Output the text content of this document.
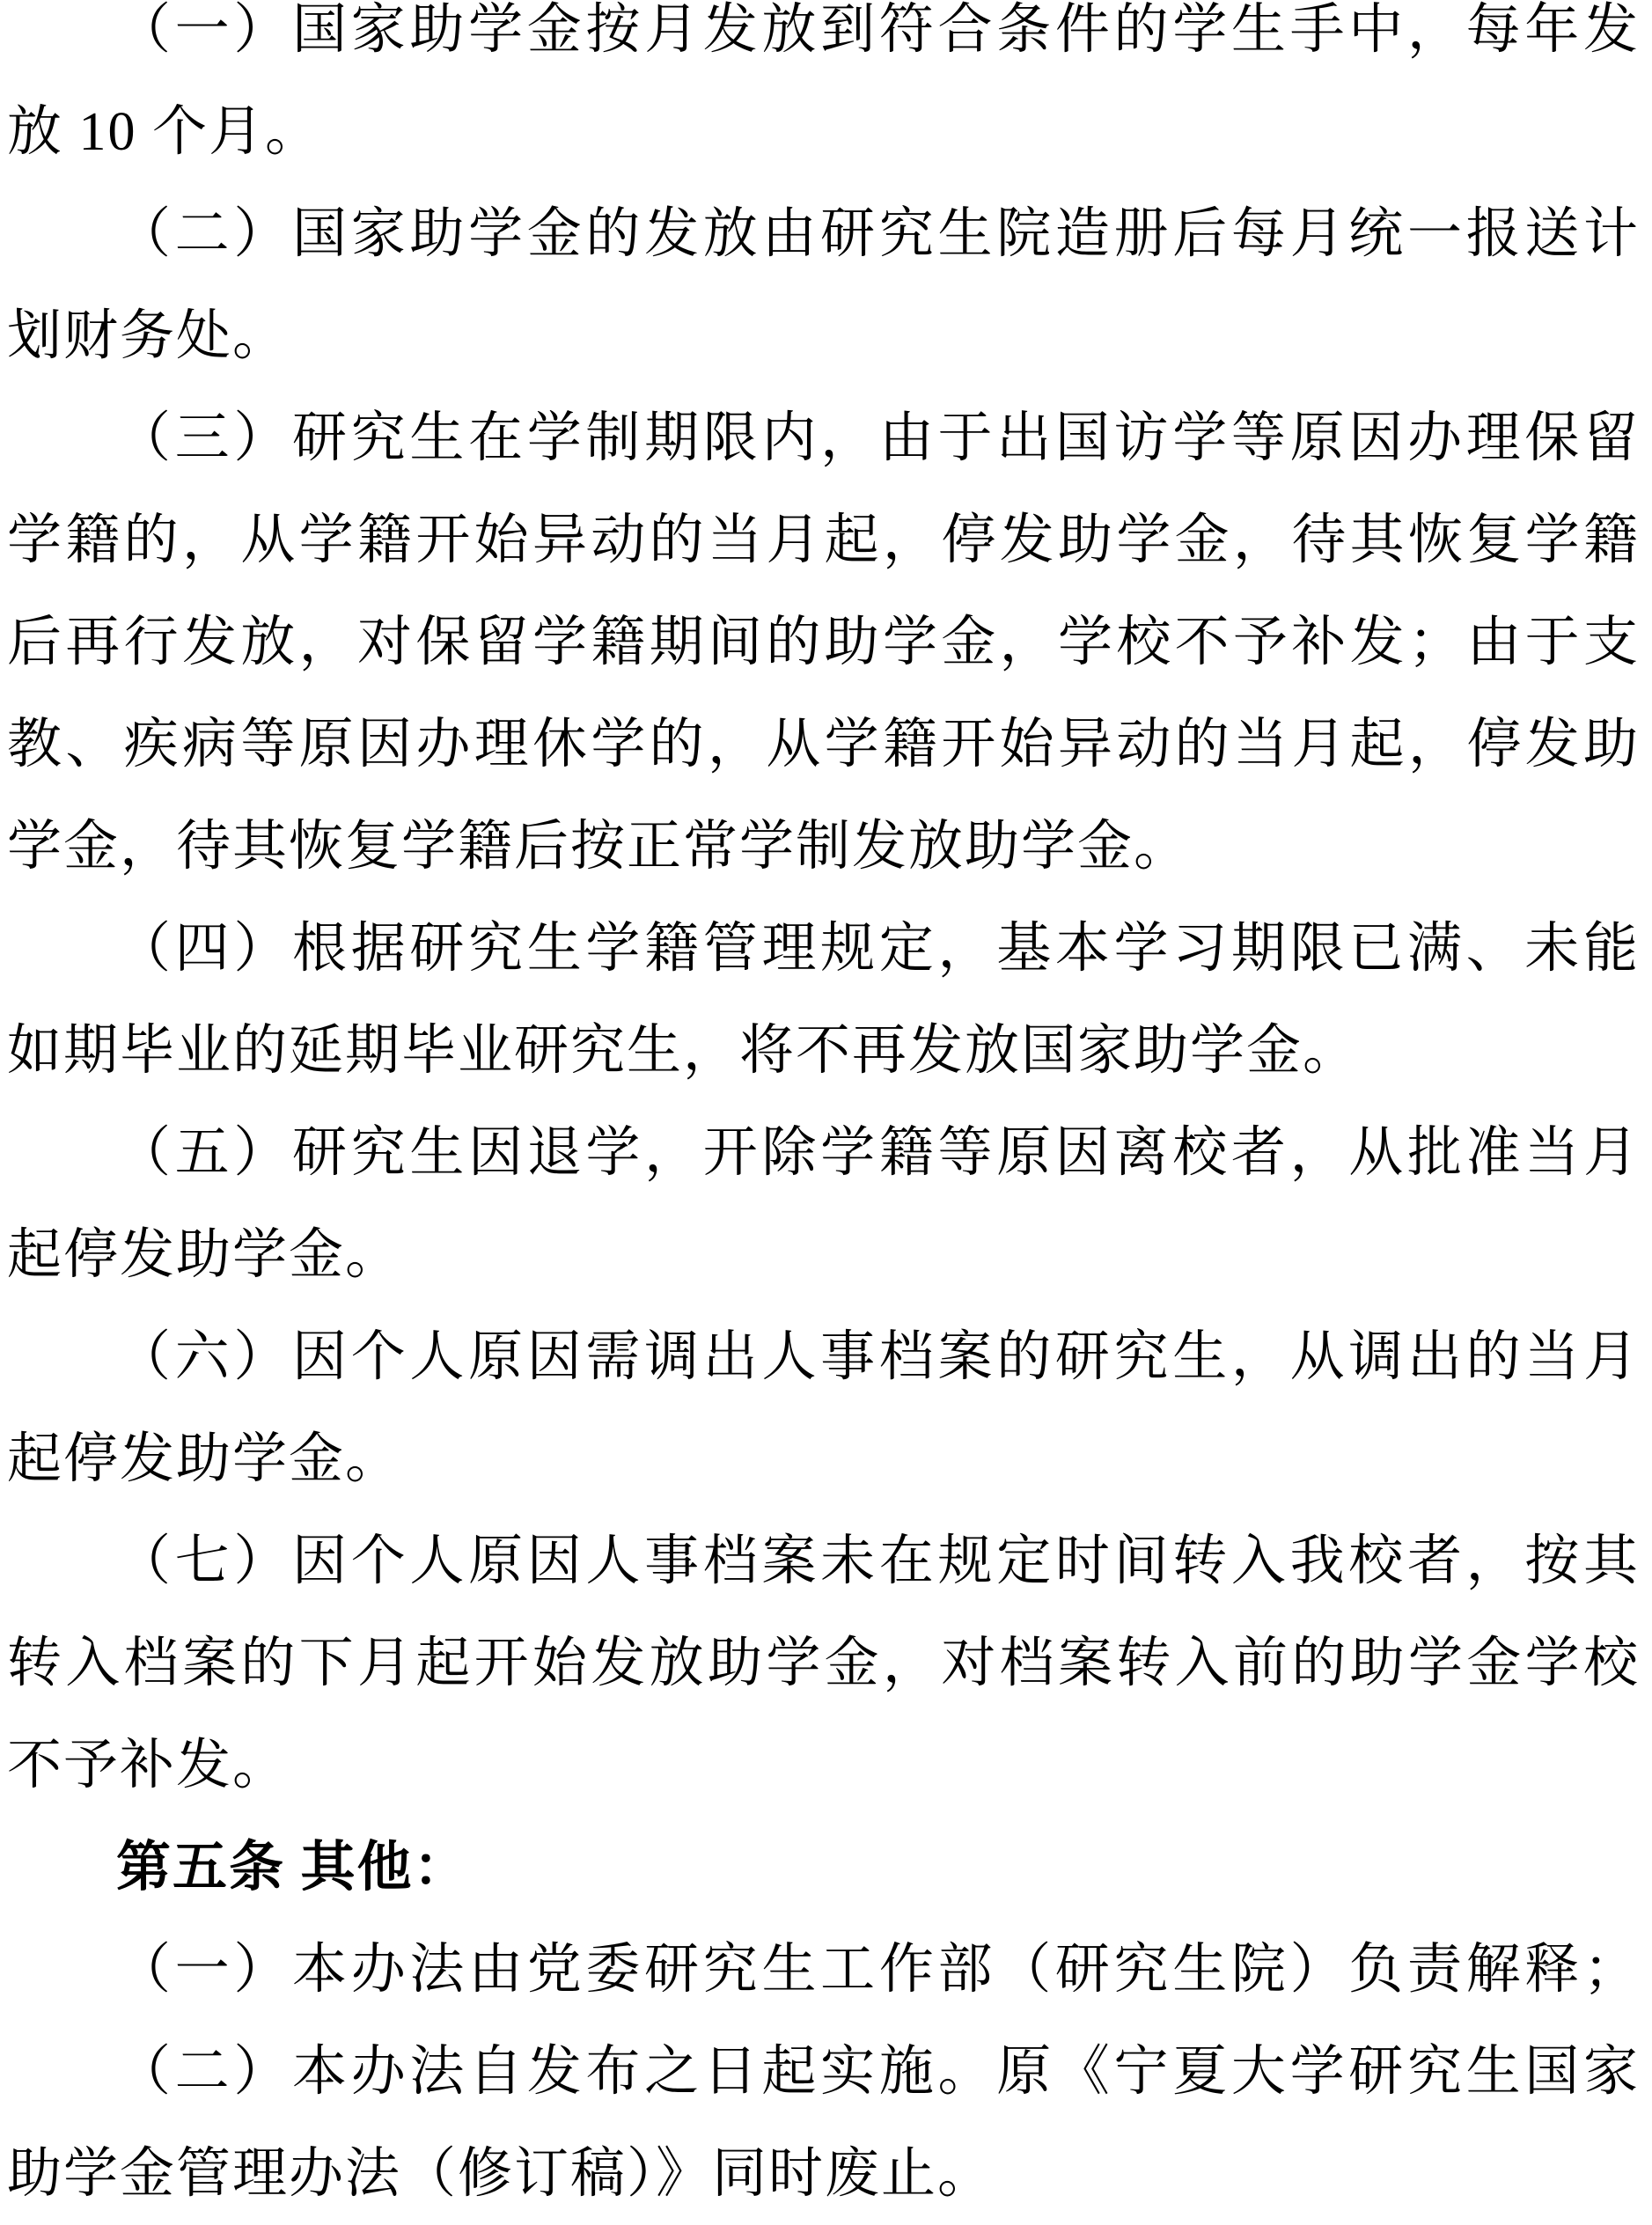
（一）国家助学金按月发放到符合条件的学生手中，每年发
放 10 个月。
（二）国家助学金的发放由研究生院造册后每月统一报送计
划财务处。
（三）研究生在学制期限内，由于出国访学等原因办理保留
学籍的，从学籍开始异动的当月起，停发助学金，待其恢复学籍
后再行发放，对保留学籍期间的助学金，学校不予补发；由于支
教、疾病等原因办理休学的，从学籍开始异动的当月起，停发助
学金，待其恢复学籍后按正常学制发放助学金。
（四）根据研究生学籍管理规定，基本学习期限已满、未能
如期毕业的延期毕业研究生，将不再发放国家助学金。
（五）研究生因退学，开除学籍等原因离校者，从批准当月
起停发助学金。
（六）因个人原因需调出人事档案的研究生，从调出的当月
起停发助学金。
（七）因个人原因人事档案未在规定时间转入我校者，按其
转入档案的下月起开始发放助学金，对档案转入前的助学金学校
不予补发。
第五条 其他：
（一）本办法由党委研究生工作部（研究生院）负责解释；
（二）本办法自发布之日起实施。原《宁夏大学研究生国家
助学金管理办法（修订稿）》同时废止。
